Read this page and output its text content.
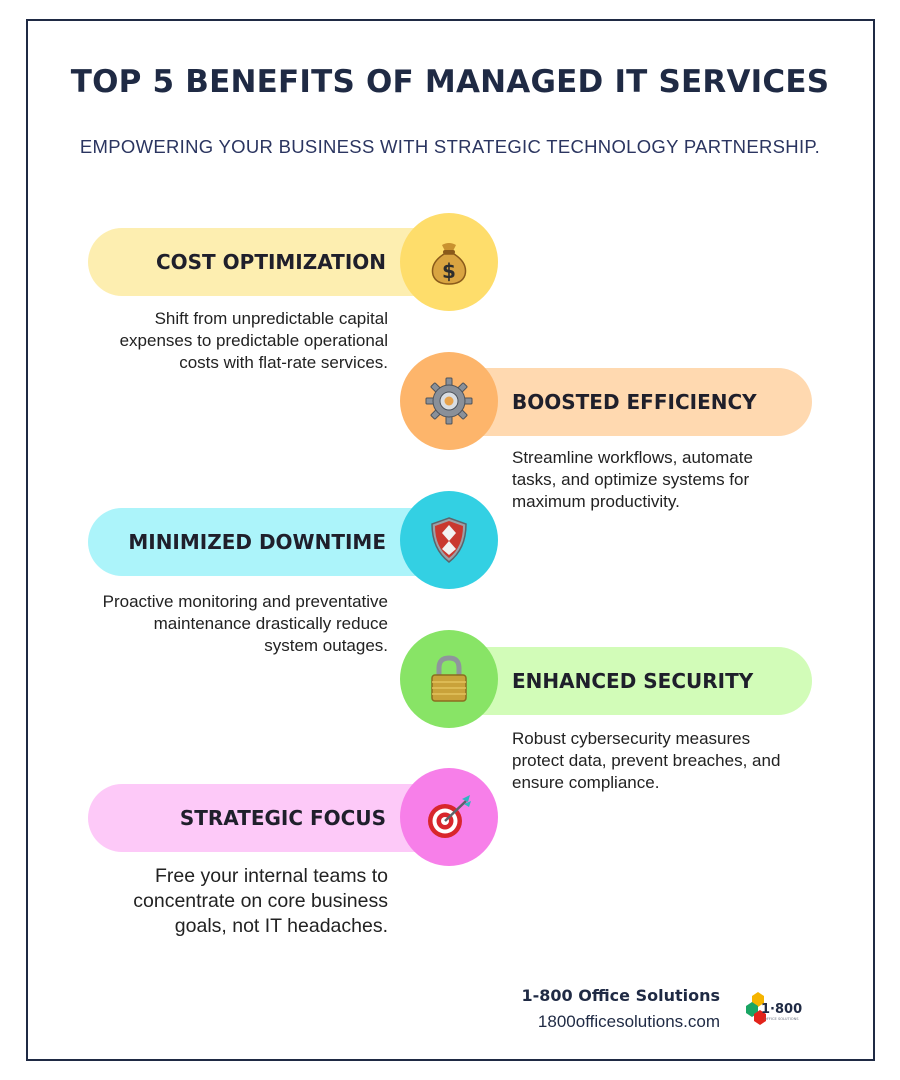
TOP 5 BENEFITS OF MANAGED IT SERVICES

EMPOWERING YOUR BUSINESS WITH STRATEGIC TECHNOLOGY PARTNERSHIP.

COST OPTIMIZATION	$

Shift from unpredictable capital expenses to predictable operational costs with flat-rate services.

BOOSTED EFFICIENCY

Streamline workflows, automate tasks, and optimize systems for maximum productivity.

MINIMIZED DOWNTIME

Proactive monitoring and preventative maintenance drastically reduce system outages.

ENHANCED SECURITY

Robust cybersecurity measures protect data, prevent breaches, and ensure compliance.

STRATEGIC FOCUS

Free your internal teams to concentrate on core business goals, not IT headaches.

1-800 Office Solutions
1800officesolutions.com
1·800
OFFICE SOLUTIONS
